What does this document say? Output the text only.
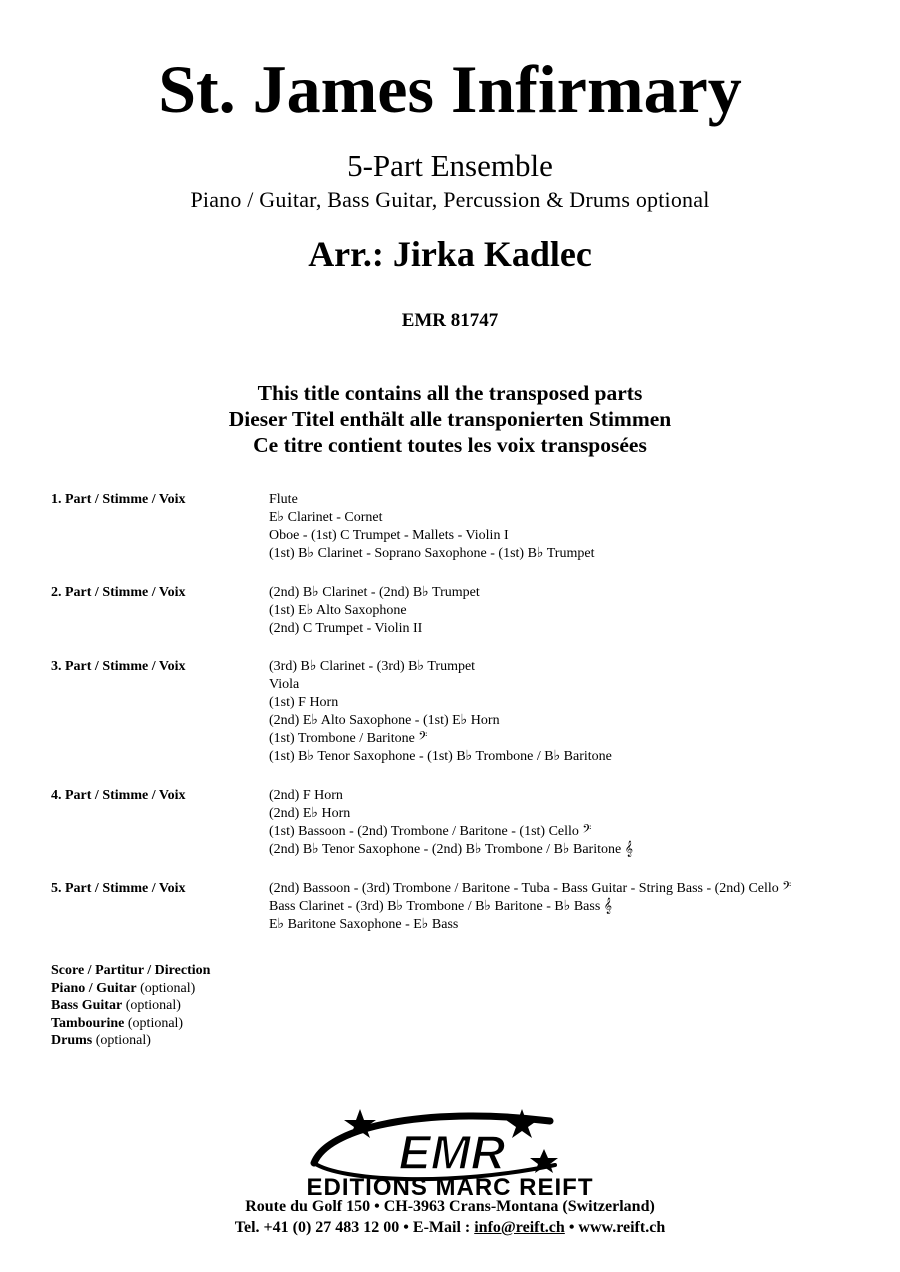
St. James Infirmary
5-Part Ensemble
Piano / Guitar, Bass Guitar, Percussion & Drums optional
Arr.: Jirka Kadlec
EMR 81747
This title contains all the transposed parts
Dieser Titel enthält alle transponierten Stimmen
Ce titre contient toutes les voix transposées
1. Part / Stimme / Voix	Flute
E♭ Clarinet - Cornet
Oboe - (1st) C Trumpet - Mallets - Violin I
(1st) B♭ Clarinet - Soprano Saxophone - (1st) B♭ Trumpet
2. Part / Stimme / Voix	(2nd) B♭ Clarinet - (2nd) B♭ Trumpet
(1st) E♭ Alto Saxophone
(2nd) C Trumpet - Violin II
3. Part / Stimme / Voix	(3rd) B♭ Clarinet - (3rd) B♭ Trumpet
Viola
(1st) F Horn
(2nd) E♭ Alto Saxophone - (1st) E♭ Horn
(1st) Trombone / Baritone 𝄢
(1st) B♭ Tenor Saxophone - (1st) B♭ Trombone / B♭ Baritone
4. Part / Stimme / Voix	(2nd) F Horn
(2nd) E♭ Horn
(1st) Bassoon - (2nd) Trombone / Baritone - (1st) Cello 𝄢
(2nd) B♭ Tenor Saxophone - (2nd) B♭ Trombone / B♭ Baritone 𝄞
5. Part / Stimme / Voix	(2nd) Bassoon - (3rd) Trombone / Baritone - Tuba - Bass Guitar - String Bass - (2nd) Cello 𝄢
Bass Clarinet - (3rd) B♭ Trombone / B♭ Baritone - B♭ Bass 𝄞
E♭ Baritone Saxophone - E♭ Bass
Score / Partitur / Direction
Piano / Guitar (optional)
Bass Guitar (optional)
Tambourine (optional)
Drums (optional)
EMR
EDITIONS MARC REIFT
Route du Golf 150 • CH-3963 Crans-Montana (Switzerland)
Tel. +41 (0) 27 483 12 00 • E-Mail : info@reift.ch • www.reift.ch
